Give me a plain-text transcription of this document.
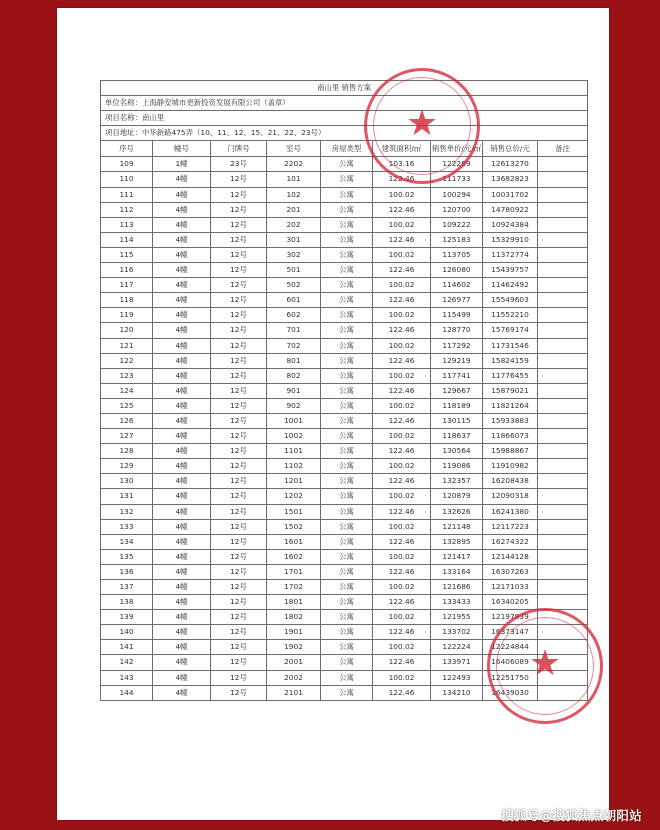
南山里 销售方案								
单位名称：上海静安城市更新投资发展有限公司（盖章）								
项目名称：南山里								
项目地址：中华新路475弄（10、11、12、15、21、22、23号）								
序号	幢号	门牌号	室号	房屋类型	建筑面积/㎡	销售单价/元/㎡	销售总价/元	备注
109	1幢	23号	2202	公寓	103.16	122269	12613270	
110	4幢	12号	101	公寓	122.46	111733	13682823	
111	4幢	12号	102	公寓	100.02	100294	10031702	
112	4幢	12号	201	公寓	122.46	120700	14780922	
113	4幢	12号	202	公寓	100.02	109222	10924384	
114	4幢	12号	301	公寓	122.46	125183	15329910	
115	4幢	12号	302	公寓	100.02	113705	11372774	
116	4幢	12号	501	公寓	122.46	126080	15439757	
117	4幢	12号	502	公寓	100.02	114602	11462492	
118	4幢	12号	601	公寓	122.46	126977	15549603	
119	4幢	12号	602	公寓	100.02	115499	11552210	
120	4幢	12号	701	公寓	122.46	128770	15769174	
121	4幢	12号	702	公寓	100.02	117292	11731546	
122	4幢	12号	801	公寓	122.46	129219	15824159	
123	4幢	12号	802	公寓	100.02	117741	11776455	
124	4幢	12号	901	公寓	122.46	129667	15879021	
125	4幢	12号	902	公寓	100.02	118189	11821264	
126	4幢	12号	1001	公寓	122.46	130115	15933883	
127	4幢	12号	1002	公寓	100.02	118637	11866073	
128	4幢	12号	1101	公寓	122.46	130564	15988867	
129	4幢	12号	1102	公寓	100.02	119086	11910982	
130	4幢	12号	1201	公寓	122.46	132357	16208438	
131	4幢	12号	1202	公寓	100.02	120879	12090318	
132	4幢	12号	1501	公寓	122.46	132626	16241380	
133	4幢	12号	1502	公寓	100.02	121148	12117223	
134	4幢	12号	1601	公寓	122.46	132895	16274322	
135	4幢	12号	1602	公寓	100.02	121417	12144128	
136	4幢	12号	1701	公寓	122.46	133164	16307263	
137	4幢	12号	1702	公寓	100.02	121686	12171033	
138	4幢	12号	1801	公寓	122.46	133433	16340205	
139	4幢	12号	1802	公寓	100.02	121955	12197939	
140	4幢	12号	1901	公寓	122.46	133702	16373147	
141	4幢	12号	1902	公寓	100.02	122224	12224844	
142	4幢	12号	2001	公寓	122.46	133971	16406089	
143	4幢	12号	2002	公寓	100.02	122493	12251750	
144	4幢	12号	2101	公寓	122.46	134210	16439030	
★
★
搜狐号@搜狐焦点朝阳站
